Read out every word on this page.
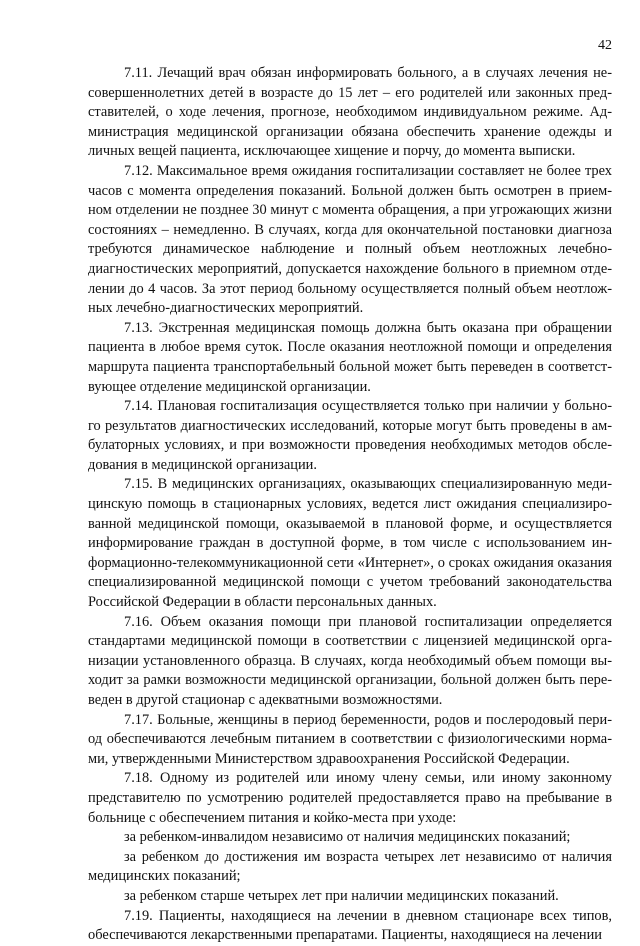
42

7.11. Лечащий врач обязан информировать больного, а в случаях лечения несовершеннолетних детей в возрасте до 15 лет – его родителей или законных представителей, о ходе лечения, прогнозе, необходимом индивидуальном режиме. Администрация медицинской организации обязана обеспечить хранение одежды и личных вещей пациента, исключающее хищение и порчу, до момента выписки.

7.12. Максимальное время ожидания госпитализации составляет не более трех часов с момента определения показаний. Больной должен быть осмотрен в приемном отделении не позднее 30 минут с момента обращения, а при угрожающих жизни состояниях – немедленно. В случаях, когда для окончательной постановки диагноза требуются динамическое наблюдение и полный объем неотложных лечебно-диагностических мероприятий, допускается нахождение больного в приемном отделении до 4 часов. За этот период больному осуществляется полный объем неотложных лечебно-диагностических мероприятий.

7.13. Экстренная медицинская помощь должна быть оказана при обращении пациента в любое время суток. После оказания неотложной помощи и определения маршрута пациента транспортабельный больной может быть переведен в соответствующее отделение медицинской организации.

7.14. Плановая госпитализация осуществляется только при наличии у больного результатов диагностических исследований, которые могут быть проведены в амбулаторных условиях, и при возможности проведения необходимых методов обследования в медицинской организации.

7.15. В медицинских организациях, оказывающих специализированную медицинскую помощь в стационарных условиях, ведется лист ожидания специализированной медицинской помощи, оказываемой в плановой форме, и осуществляется информирование граждан в доступной форме, в том числе с использованием информационно-телекоммуникационной сети «Интернет», о сроках ожидания оказания специализированной медицинской помощи с учетом требований законодательства Российской Федерации в области персональных данных.

7.16. Объем оказания помощи при плановой госпитализации определяется стандартами медицинской помощи в соответствии с лицензией медицинской организации установленного образца. В случаях, когда необходимый объем помощи выходит за рамки возможности медицинской организации, больной должен быть переведен в другой стационар с адекватными возможностями.

7.17. Больные, женщины в период беременности, родов и послеродовый период обеспечиваются лечебным питанием в соответствии с физиологическими нормами, утвержденными Министерством здравоохранения Российской Федерации.

7.18. Одному из родителей или иному члену семьи, или иному законному представителю по усмотрению родителей предоставляется право на пребывание в больнице с обеспечением питания и койко-места при уходе:

за ребенком-инвалидом независимо от наличия медицинских показаний;

за ребенком до достижения им возраста четырех лет независимо от наличия медицинских показаний;

за ребенком старше четырех лет при наличии медицинских показаний.

7.19. Пациенты, находящиеся на лечении в дневном стационаре всех типов, обеспечиваются лекарственными препаратами. Пациенты, находящиеся на лечении
